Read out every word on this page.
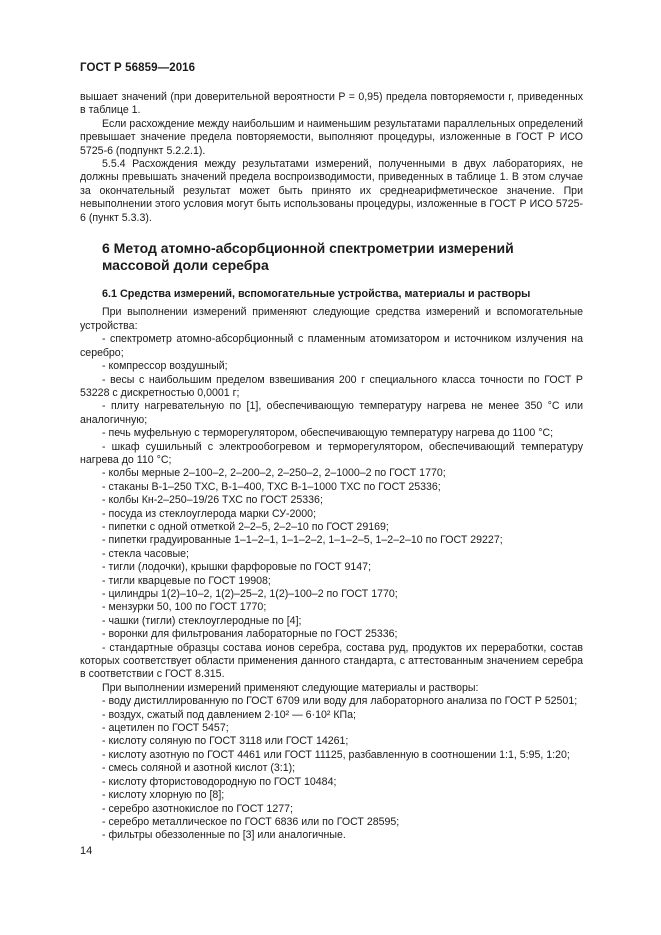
ГОСТ Р 56859—2016

вышает значений (при доверительной вероятности P = 0,95) предела повторяемости r, приведенных в таблице 1.

Если расхождение между наибольшим и наименьшим результатами параллельных определений превышает значение предела повторяемости, выполняют процедуры, изложенные в ГОСТ Р ИСО 5725-6 (подпункт 5.2.2.1).

5.5.4 Расхождения между результатами измерений, полученными в двух лабораториях, не должны превышать значений предела воспроизводимости, приведенных в таблице 1. В этом случае за окончательный результат может быть принято их среднеарифметическое значение. При невыполнении этого условия могут быть использованы процедуры, изложенные в ГОСТ Р ИСО 5725-6 (пункт 5.3.3).

6 Метод атомно-абсорбционной спектрометрии измерений массовой доли серебра
6.1 Средства измерений, вспомогательные устройства, материалы и растворы

При выполнении измерений применяют следующие средства измерений и вспомогательные устройства:

- спектрометр атомно-абсорбционный с пламенным атомизатором и источником излучения на серебро;
- компрессор воздушный;
- весы с наибольшим пределом взвешивания 200 г специального класса точности по ГОСТ Р 53228 с дискретностью 0,0001 г;
- плиту нагревательную по [1], обеспечивающую температуру нагрева не менее 350 °С или аналогичную;
- печь муфельную с терморегулятором, обеспечивающую температуру нагрева до 1100 °С;
- шкаф сушильный с электрообогревом и терморегулятором, обеспечивающий температуру нагрева до 110 °С;
- колбы мерные 2–100–2, 2–200–2, 2–250–2, 2–1000–2 по ГОСТ 1770;
- стаканы В-1–250 ТХС, В-1–400, ТХС В-1–1000 ТХС по ГОСТ 25336;
- колбы Кн-2–250–19/26 ТХС по ГОСТ 25336;
- посуда из стеклоуглерода марки СУ-2000;
- пипетки с одной отметкой 2–2–5, 2–2–10 по ГОСТ 29169;
- пипетки градуированные 1–1–2–1, 1–1–2–2, 1–1–2–5, 1–2–2–10 по ГОСТ 29227;
- стекла часовые;
- тигли (лодочки), крышки фарфоровые по ГОСТ 9147;
- тигли кварцевые по ГОСТ 19908;
- цилиндры 1(2)–10–2, 1(2)–25–2, 1(2)–100–2 по ГОСТ 1770;
- мензурки 50, 100 по ГОСТ 1770;
- чашки (тигли) стеклоуглеродные по [4];
- воронки для фильтрования лабораторные по ГОСТ 25336;
- стандартные образцы состава ионов серебра, состава руд, продуктов их переработки, состав которых соответствует области применения данного стандарта, с аттестованным значением серебра в соответствии с ГОСТ 8.315.

При выполнении измерений применяют следующие материалы и растворы:

- воду дистиллированную по ГОСТ 6709 или воду для лабораторного анализа по ГОСТ Р 52501;
- воздух, сжатый под давлением 2·10² — 6·10² КПа;
- ацетилен по ГОСТ 5457;
- кислоту соляную по ГОСТ 3118 или ГОСТ 14261;
- кислоту азотную по ГОСТ 4461 или ГОСТ 11125, разбавленную в соотношении 1:1, 5:95, 1:20;
- смесь соляной и азотной кислот (3:1);
- кислоту фтористоводородную по ГОСТ 10484;
- кислоту хлорную по [8];
- серебро азотнокислое по ГОСТ 1277;
- серебро металлическое по ГОСТ 6836 или по ГОСТ 28595;
- фильтры обеззоленные по [3] или аналогичные.
14
